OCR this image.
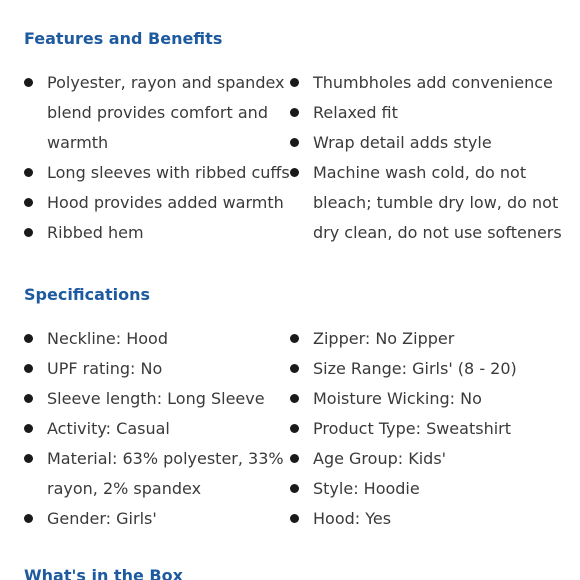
Features and Benefits
Polyester, rayon and spandex
blend provides comfort and
warmth
Long sleeves with ribbed cuffs
Hood provides added warmth
Ribbed hem
Thumbholes add convenience
Relaxed fit
Wrap detail adds style
Machine wash cold, do not
bleach; tumble dry low, do not
dry clean, do not use softeners
Specifications
Neckline: Hood
UPF rating: No
Sleeve length: Long Sleeve
Activity: Casual
Material: 63% polyester, 33%
rayon, 2% spandex
Gender: Girls'
Zipper: No Zipper
Size Range: Girls' (8 - 20)
Moisture Wicking: No
Product Type: Sweatshirt
Age Group: Kids'
Style: Hoodie
Hood: Yes
What's in the Box
